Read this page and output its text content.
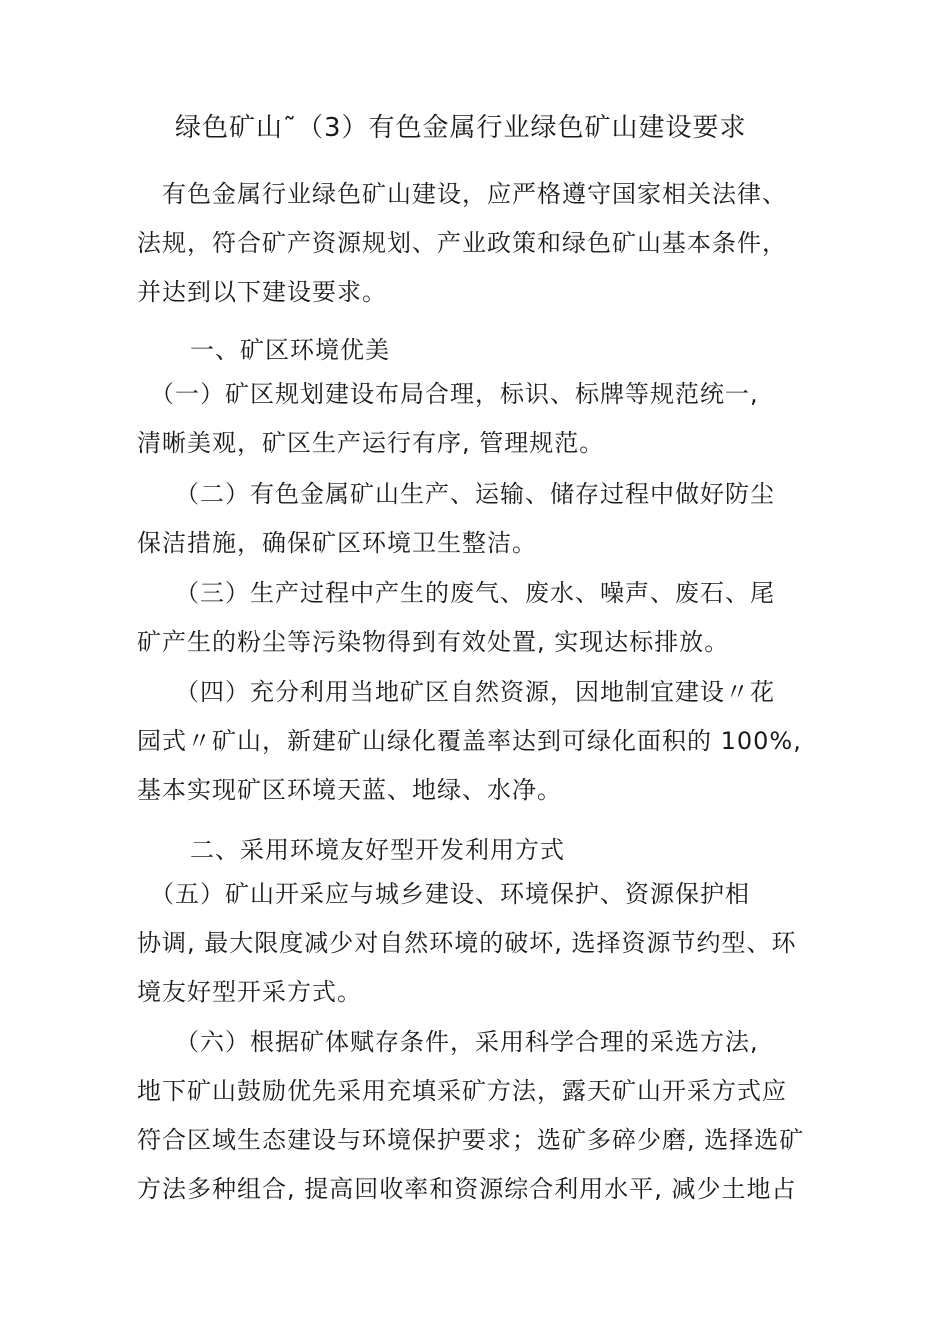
绿色矿山˜（3）有色金属行业绿色矿山建设要求
　有色金属行业绿色矿山建设，应严格遵守国家相关法律、
法规，符合矿产资源规划、产业政策和绿色矿山基本条件，
并达到以下建设要求。
一、矿区环境优美
　（一）矿区规划建设布局合理，标识、标牌等规范统一,
清晰美观，矿区生产运行有序, 管理规范。
　　（二）有色金属矿山生产、运输、储存过程中做好防尘
保洁措施，确保矿区环境卫生整洁。
　　（三）生产过程中产生的废气、废水、噪声、废石、尾
矿产生的粉尘等污染物得到有效处置, 实现达标排放。
　　（四）充分利用当地矿区自然资源，因地制宜建设〃花
园式〃矿山，新建矿山绿化覆盖率达到可绿化面积的 100%,
基本实现矿区环境天蓝、地绿、水净。
二、采用环境友好型开发利用方式
　（五）矿山开采应与城乡建设、环境保护、资源保护相
协调, 最大限度减少对自然环境的破坏, 选择资源节约型、环
境友好型开采方式。
　　（六）根据矿体赋存条件，采用科学合理的采选方法,
地下矿山鼓励优先采用充填采矿方法，露天矿山开采方式应
符合区域生态建设与环境保护要求；选矿多碎少磨, 选择选矿
方法多种组合, 提高回收率和资源综合利用水平, 减少土地占
